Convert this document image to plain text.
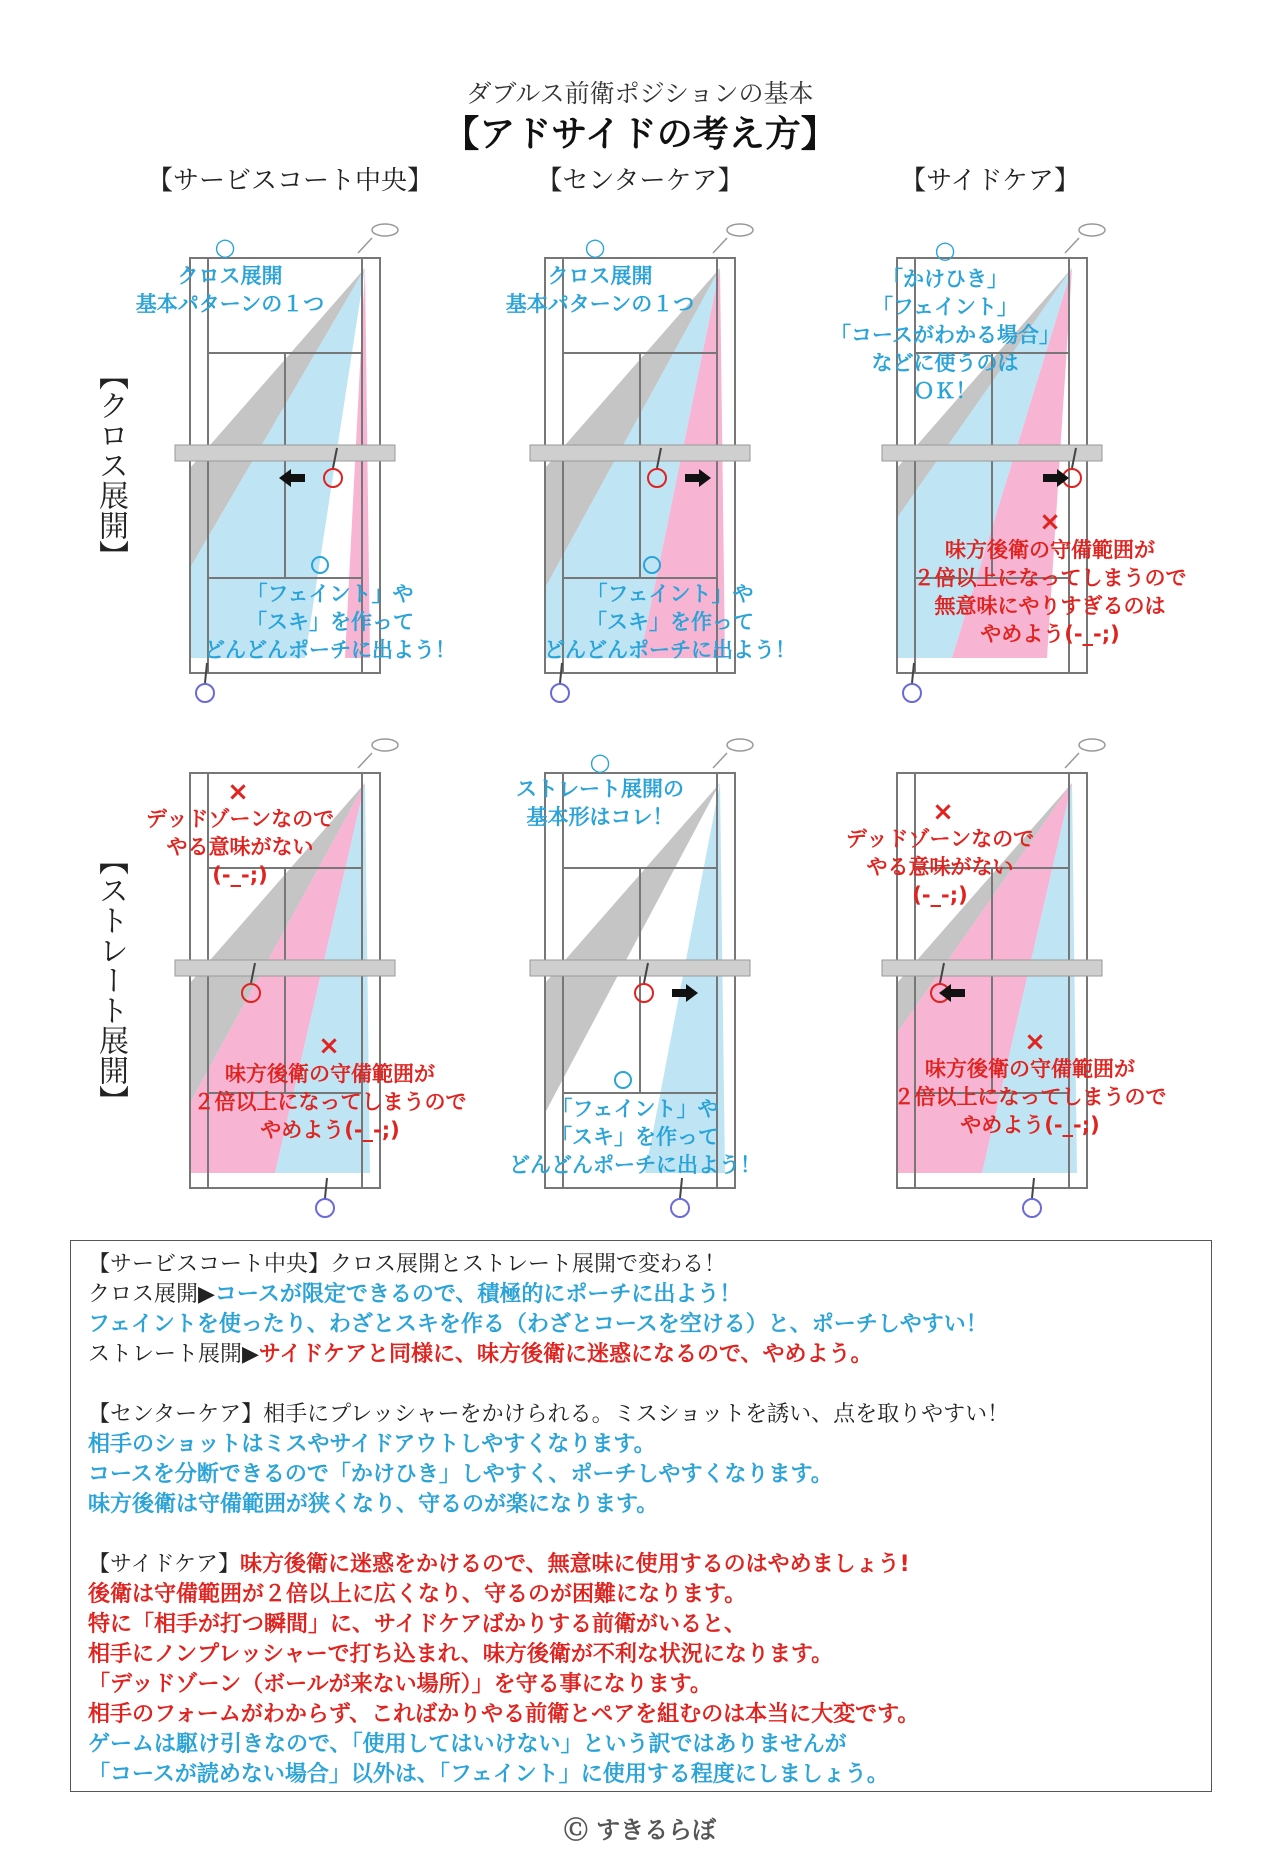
ダブルス前衛ポジションの基本
【アドサイドの考え方】
【サービスコート中央】	【センターケア】	【サイドケア】
【クロス展開】
【ストレート展開】
クロス展開
基本パターンの１つ
「フェイント」や
「スキ」を作って
どんどんポーチに出よう！
クロス展開
基本パターンの１つ
「フェイント」や
「スキ」を作って
どんどんポーチに出よう！
「かけひき」
「フェイント」
「コースがわかる場合」
などに使うのは
ＯＫ！
味方後衛の守備範囲が
２倍以上になってしまうので
無意味にやりすぎるのは
やめよう(-_-;)
デッドゾーンなので
やる意味がない
(-_-;)
味方後衛の守備範囲が
２倍以上になってしまうので
やめよう(-_-;)
ストレート展開の
基本形はコレ！
「フェイント」や
「スキ」を作って
どんどんポーチに出よう！
デッドゾーンなので
やる意味がない
(-_-;)
味方後衛の守備範囲が
２倍以上になってしまうので
やめよう(-_-;)
○	○	○
×
×
×
○
×
×
【サービスコート中央】クロス展開とストレート展開で変わる！
クロス展開▶コースが限定できるので、積極的にポーチに出よう！
フェイントを使ったり、わざとスキを作る（わざとコースを空ける）と、ポーチしやすい！
ストレート展開▶サイドケアと同様に、味方後衛に迷惑になるので、やめよう。
【センターケア】相手にプレッシャーをかけられる。ミスショットを誘い、点を取りやすい！
相手のショットはミスやサイドアウトしやすくなります。
コースを分断できるので「かけひき」しやすく、ポーチしやすくなります。
味方後衛は守備範囲が狭くなり、守るのが楽になります。
【サイドケア】味方後衛に迷惑をかけるので、無意味に使用するのはやめましょう!
後衛は守備範囲が２倍以上に広くなり、守るのが困難になります。
特に「相手が打つ瞬間」に、サイドケアばかりする前衛がいると、
相手にノンプレッシャーで打ち込まれ、味方後衛が不利な状況になります。
「デッドゾーン（ボールが来ない場所）」を守る事になります。
相手のフォームがわからず、こればかりやる前衛とペアを組むのは本当に大変です。
ゲームは駆け引きなので、「使用してはいけない」という訳ではありませんが
「コースが読めない場合」以外は、「フェイント」に使用する程度にしましょう。
Ⓒ すきるらぼ
